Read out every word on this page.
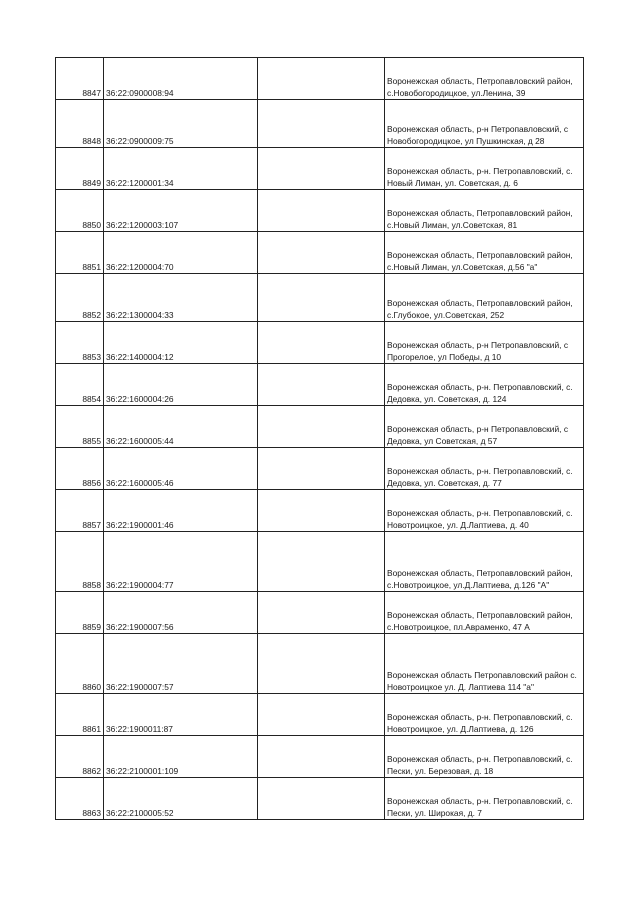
8847	36:22:0900008:94		Воронежская область, Петропавловский район, с.Новобогородицкое, ул.Ленина, 39
8848	36:22:0900009:75		Воронежская область, р-н Петропавловский, с Новобогородицкое, ул Пушкинская, д 28
8849	36:22:1200001:34		Воронежская область, р-н. Петропавловский, с. Новый Лиман, ул. Советская, д. 6
8850	36:22:1200003:107		Воронежская область, Петропавловский район, с.Новый Лиман, ул.Советская, 81
8851	36:22:1200004:70		Воронежская область, Петропавловский район, с.Новый Лиман, ул.Советская, д.56 "а"
8852	36:22:1300004:33		Воронежская область, Петропавловский район, с.Глубокое, ул.Советская, 252
8853	36:22:1400004:12		Воронежская область, р-н Петропавловский, с Прогорелое, ул Победы, д 10
8854	36:22:1600004:26		Воронежская область, р-н. Петропавловский, с. Дедовка, ул. Советская, д. 124
8855	36:22:1600005:44		Воронежская область, р-н Петропавловский, с Дедовка, ул Советская, д 57
8856	36:22:1600005:46		Воронежская область, р-н. Петропавловский, с. Дедовка, ул. Советская, д. 77
8857	36:22:1900001:46		Воронежская область, р-н. Петропавловский, с. Новотроицкое, ул. Д.Лаптиева, д. 40
8858	36:22:1900004:77		Воронежская область, Петропавловский район, с.Новотроицкое, ул.Д.Лаптиева, д.126 "А"
8859	36:22:1900007:56		Воронежская область, Петропавловский район, с.Новотроицкое, пл.Авраменко, 47 А
8860	36:22:1900007:57		Воронежская область Петропавловский район с. Новотроицкое ул. Д. Лаптиева 114 "а"
8861	36:22:1900011:87		Воронежская область, р-н. Петропавловский, с. Новотроицкое, ул. Д.Лаптиева, д. 126
8862	36:22:2100001:109		Воронежская область, р-н. Петропавловский, с. Пески, ул. Березовая, д. 18
8863	36:22:2100005:52		Воронежская область, р-н. Петропавловский, с. Пески, ул. Широкая, д. 7
